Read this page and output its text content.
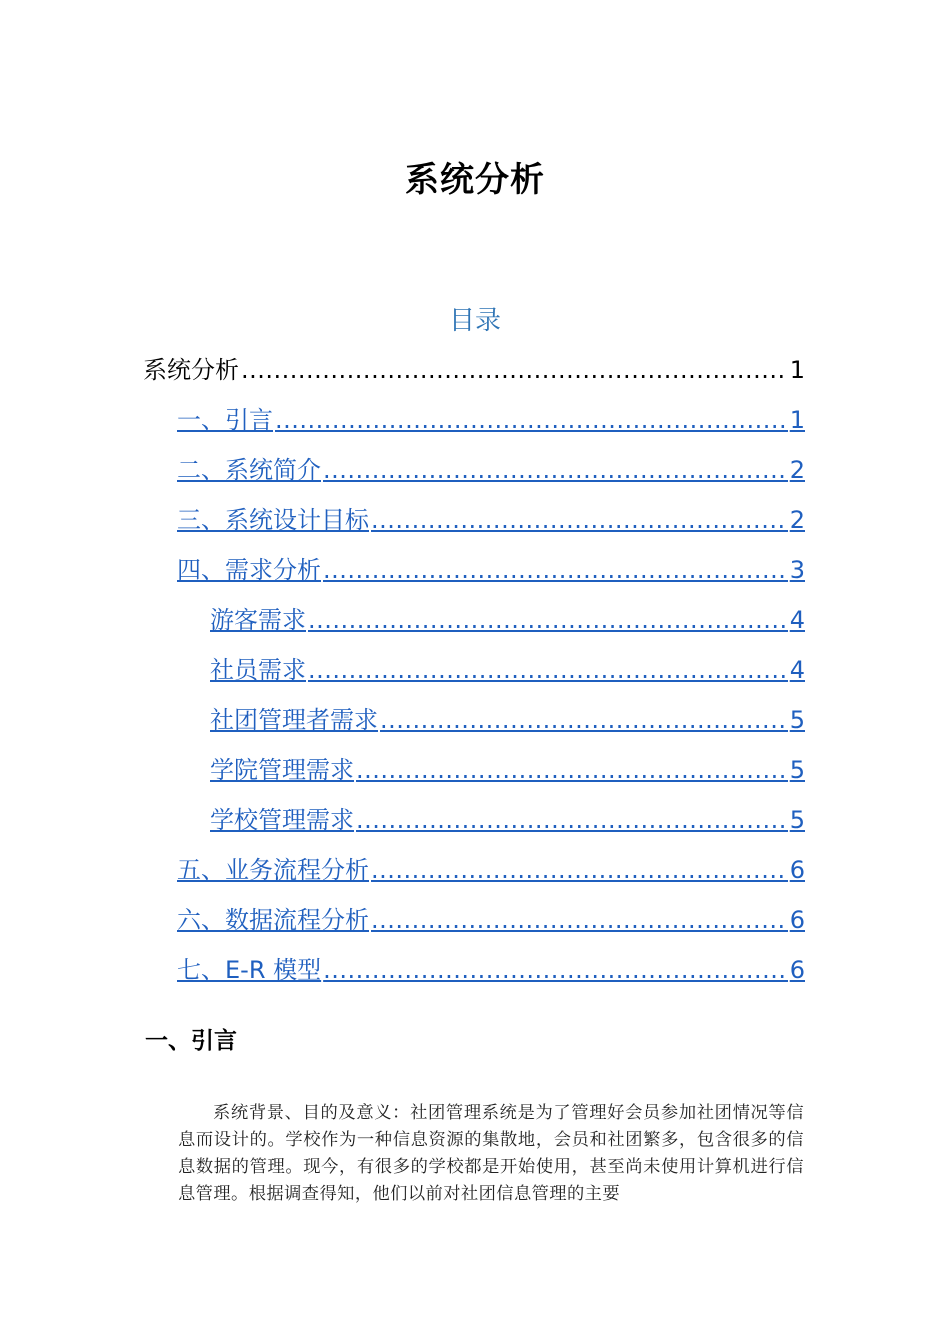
系统分析
目录
系统分析 .....	1
一、引言 .....	1
二、系统简介 .....	2
三、系统设计目标 .....	2
四、需求分析 .....	3
游客需求 .....	4
社员需求 .....	4
社团管理者需求 .....	5
学院管理需求 .....	5
学校管理需求 .....	5
五、业务流程分析 .....	6
六、数据流程分析 .....	6
七、E-R 模型 .....	6
一、引言
系统背景、目的及意义：社团管理系统是为了管理好会员参加社团情况等信息而设计的。学校作为一种信息资源的集散地，会员和社团繁多，包含很多的信息数据的管理。现今，有很多的学校都是开始使用，甚至尚未使用计算机进行信息管理。根据调查得知，他们以前对社团信息管理的主要
